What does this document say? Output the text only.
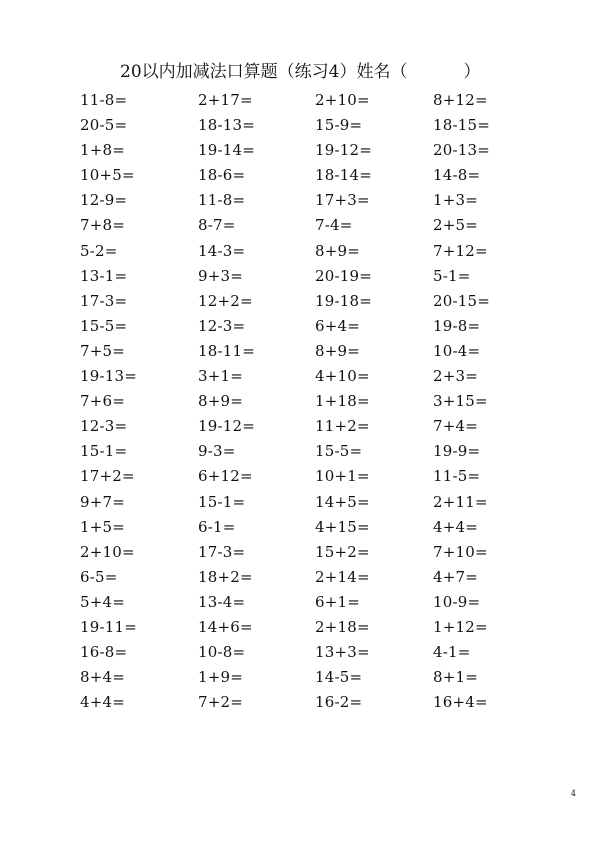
20以内加减法口算题（练习4）姓名（	）
11-8=	2+17=	2+10=	8+12=
20-5=	18-13=	15-9=	18-15=
1+8=	19-14=	19-12=	20-13=
10+5=	18-6=	18-14=	14-8=
12-9=	11-8=	17+3=	1+3=
7+8=	8-7=	7-4=	2+5=
5-2=	14-3=	8+9=	7+12=
13-1=	9+3=	20-19=	5-1=
17-3=	12+2=	19-18=	20-15=
15-5=	12-3=	6+4=	19-8=
7+5=	18-11=	8+9=	10-4=
19-13=	3+1=	4+10=	2+3=
7+6=	8+9=	1+18=	3+15=
12-3=	19-12=	11+2=	7+4=
15-1=	9-3=	15-5=	19-9=
17+2=	6+12=	10+1=	11-5=
9+7=	15-1=	14+5=	2+11=
1+5=	6-1=	4+15=	4+4=
2+10=	17-3=	15+2=	7+10=
6-5=	18+2=	2+14=	4+7=
5+4=	13-4=	6+1=	10-9=
19-11=	14+6=	2+18=	1+12=
16-8=	10-8=	13+3=	4-1=
8+4=	1+9=	14-5=	8+1=
4+4=	7+2=	16-2=	16+4=
4
